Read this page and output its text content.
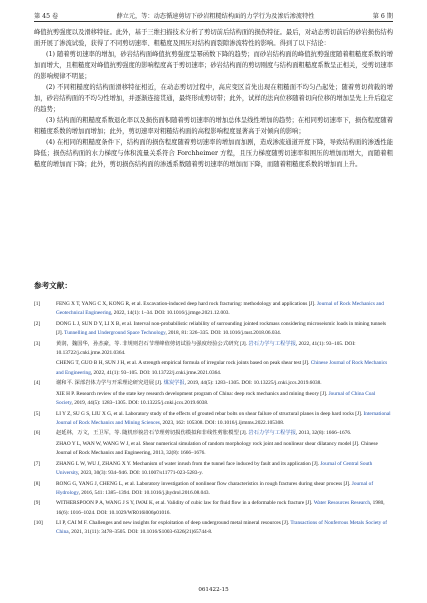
第 45 卷	薛立元，等：动态循速剪切下砂岩粗糙结构面的力学行为及渗后渗流特性	第 6 期

峰值抗剪强度以及滑移特征。此外，基于三维扫描技术分析了剪切前后结构面的损伤特征。最后，对动态剪切前后的砂岩损伤结构面开展了渗流试验，获得了不同剪切速率、粗糙度及围压对结构面裂隙渗流特性的影响。得到了以下结论：

(1) 随着剪切速率的增加，砂岩结构面峰值抗剪强度呈幂函数下降的趋势；而砂岩结构面的峰值抗剪强度随着粗糙度系数的增加而增大，且粗糙度对峰值抗剪强度的影响程度高于剪切速率；砂岩结构面的剪切刚度与结构面粗糙度系数呈正相关，受剪切速率的影响规律不明显；

(2) 不同粗糙度的结构面滑移特征相近，在动态剪切过程中，高应变区首先出现在粗糙面不均匀凸起处；随着剪切荷载的增加，砂岩结构面的不均匀性增加，并逐渐连接贯通，最终形成剪切带；此外，试样的法向位移随着切向位移的增加呈先上升后稳定的趋势；

(3) 结构面的粗糙度系数退化率以及损伤面积随着剪切速率的增加总体呈线性增加的趋势；在相同剪切速率下，损伤程度随着粗糙度系数的增加而增加；此外，剪切速率对粗糙结构面的高程影响程度显著高于对倾向的影响；

(4) 在相同的粗糙度条件下，结构面的损伤程度随着剪切速率的增加而加剧，造成渗流通道开度下降，导致结构面的渗透性能降低；损伤结构面的水力梯度与体积流量关系符合 Forchheimer 方程，且压力梯度随剪切速率和围压的增加而增大，而随着粗糙度的增加而下降；此外，剪切损伤结构面的渗透系数随着剪切速率的增加而下降，而随着粗糙度系数的增加而上升。

参考文献：
[1]	FENG X T, YANG C X, KONG R, et al. Excavation-induced deep hard rock fracturing: methodology and applications [J]. Journal of Rock Mechanics and Geotechnical Engineering, 2022, 14(1): 1–34. DOI: 10.1016/j.jrmge.2021.12.003.
[2]	DONG L J, SUN D Y, LI X B, et al. Interval non-probabilistic reliability of surrounding jointed rockmass considering microseismic loads in mining tunnels [J]. Tunnelling and Underground Space Technology, 2018, 81: 326–335. DOI: 10.1016/j.tust.2018.06.034.
[3]	黄润，魏国华，孙杰豪，等. 非规则岩石节理峰值剪切试验与强度经验公式研究 [J]. 岩石力学与工程学报, 2022, 41(1): 93–105. DOI: 10.13722/j.cnki.jrme.2021.0364.
CHENG T, GUO B H, SUN J H, et al. A strength empirical formula of irregular rock joints based on peak shear test [J]. Chinese Journal of Rock Mechanics and Engineering, 2022, 41(1): 93–105. DOI: 10.13722/j.cnki.jrme.2021.0364.
[4]	谢和平. 深部岩体力学与开采理论研究进展 [J]. 煤炭学报, 2019, 44(5): 1283–1305. DOI: 10.13225/j.cnki.jccs.2019.6038.
XIE H P. Research review of the state key research development program of China: deep rock mechanics and mining theory [J]. Journal of China Coal Society, 2019, 44(5): 1283–1305. DOI: 10.13225/j.cnki.jccs.2019.6038.
[5]	LI Y Z, SU G S, LIU X G, et al. Laboratory study of the effects of grouted rebar bolts on shear failure of structural planes in deep hard rocks [J]. International Journal of Rock Mechanics and Mining Sciences, 2023, 162: 105308. DOI: 10.1016/j.ijrmms.2022.105308.
[6]	赵延林，万文，王卫军，等. 随机形貌岩石节理剪切损伤模拟和非线性剪胀模型 [J]. 岩石力学与工程学报, 2013, 32(8): 1666–1676.
ZHAO Y L, WAN W, WANG W J, et al. Shear numerical simulation of random morphology rock joint and nonlinear shear dilatancy model [J]. Chinese Journal of Rock Mechanics and Engineering, 2013, 32(8): 1666–1676.
[7]	ZHANG L W, WU J, ZHANG X Y. Mechanism of water inrush from the tunnel face induced by fault and its application [J]. Journal of Central South University, 2023, 30(3): 934–946. DOI: 10.1007/s11771-023-5283-y.
[8]	RONG G, YANG J, CHENG L, et al. Laboratory investigation of nonlinear flow characteristics in rough fractures during shear process [J]. Journal of Hydrology, 2016, 541: 1385–1394. DOI: 10.1016/j.jhydrol.2016.08.043.
[9]	WITHERSPOON P A, WANG J S Y, IWAI K, et al. Validity of cubic law for fluid flow in a deformable rock fracture [J]. Water Resources Research, 1980, 16(6): 1016–1024. DOI: 10.1029/WR016i006p01016.
[10]	LI P, CAI M F. Challenges and new insights for exploitation of deep underground metal mineral resources [J]. Transactions of Nonferrous Metals Society of China, 2021, 31(11): 3478–3505. DOI: 10.1016/S1003-6326(21)65744-8.
061422-15
